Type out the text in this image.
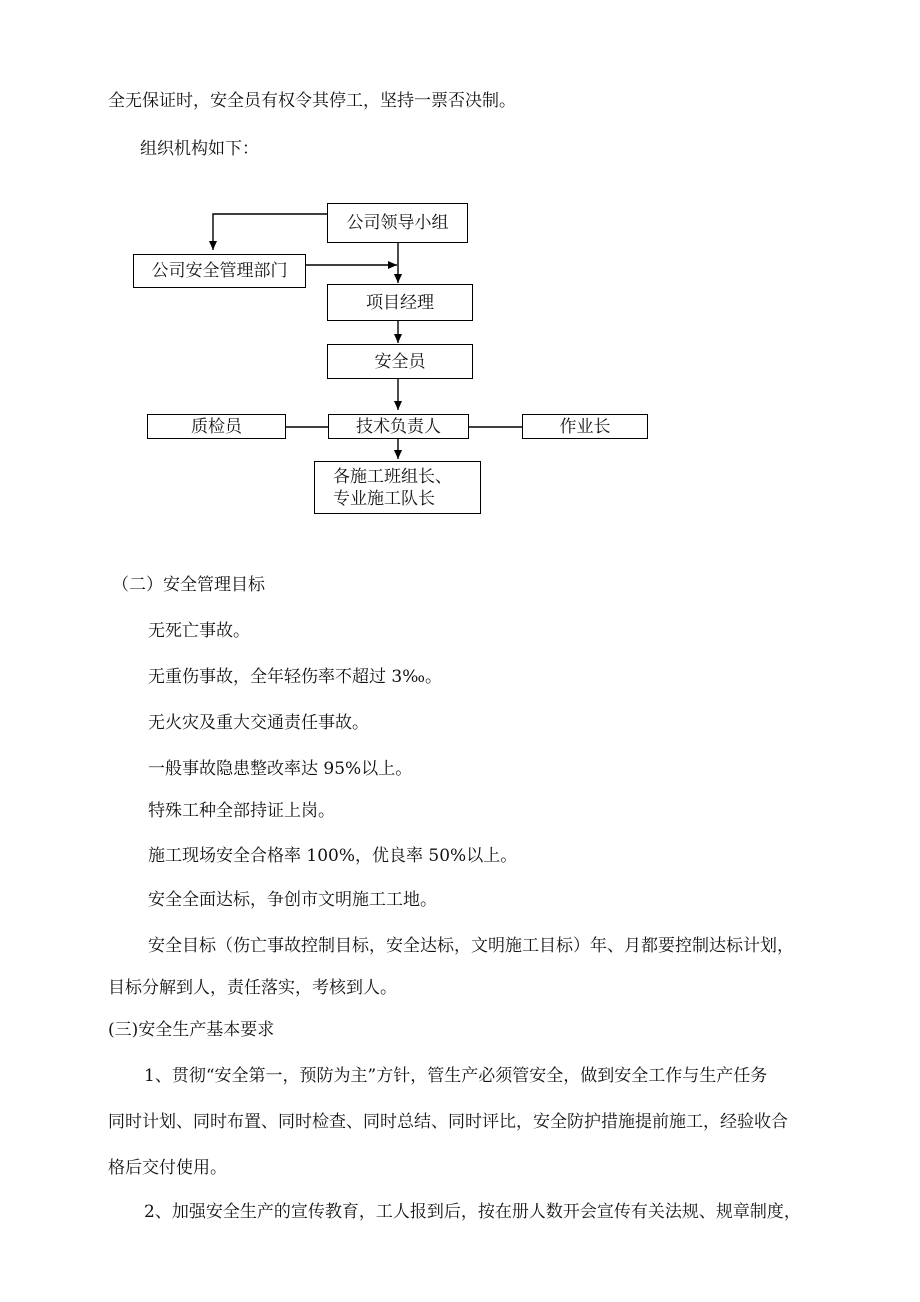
全无保证时，安全员有权令其停工，坚持一票否决制。
组织机构如下：
公司领导小组
公司安全管理部门
项目经理
安全员
质检员	技术负责人	作业长
各施工班组长、
专业施工队长
（二）安全管理目标
无死亡事故。
无重伤事故，全年轻伤率不超过 3‰。
无火灾及重大交通责任事故。
一般事故隐患整改率达 95%以上。
特殊工种全部持证上岗。
施工现场安全合格率 100%，优良率 50%以上。
安全全面达标，争创市文明施工工地。
安全目标（伤亡事故控制目标，安全达标，文明施工目标）年、月都要控制达标计划，
目标分解到人，责任落实，考核到人。
(三)安全生产基本要求
1、贯彻“安全第一，预防为主”方针，管生产必须管安全，做到安全工作与生产任务
同时计划、同时布置、同时检查、同时总结、同时评比，安全防护措施提前施工，经验收合
格后交付使用。
2、加强安全生产的宣传教育，工人报到后，按在册人数开会宣传有关法规、规章制度，
